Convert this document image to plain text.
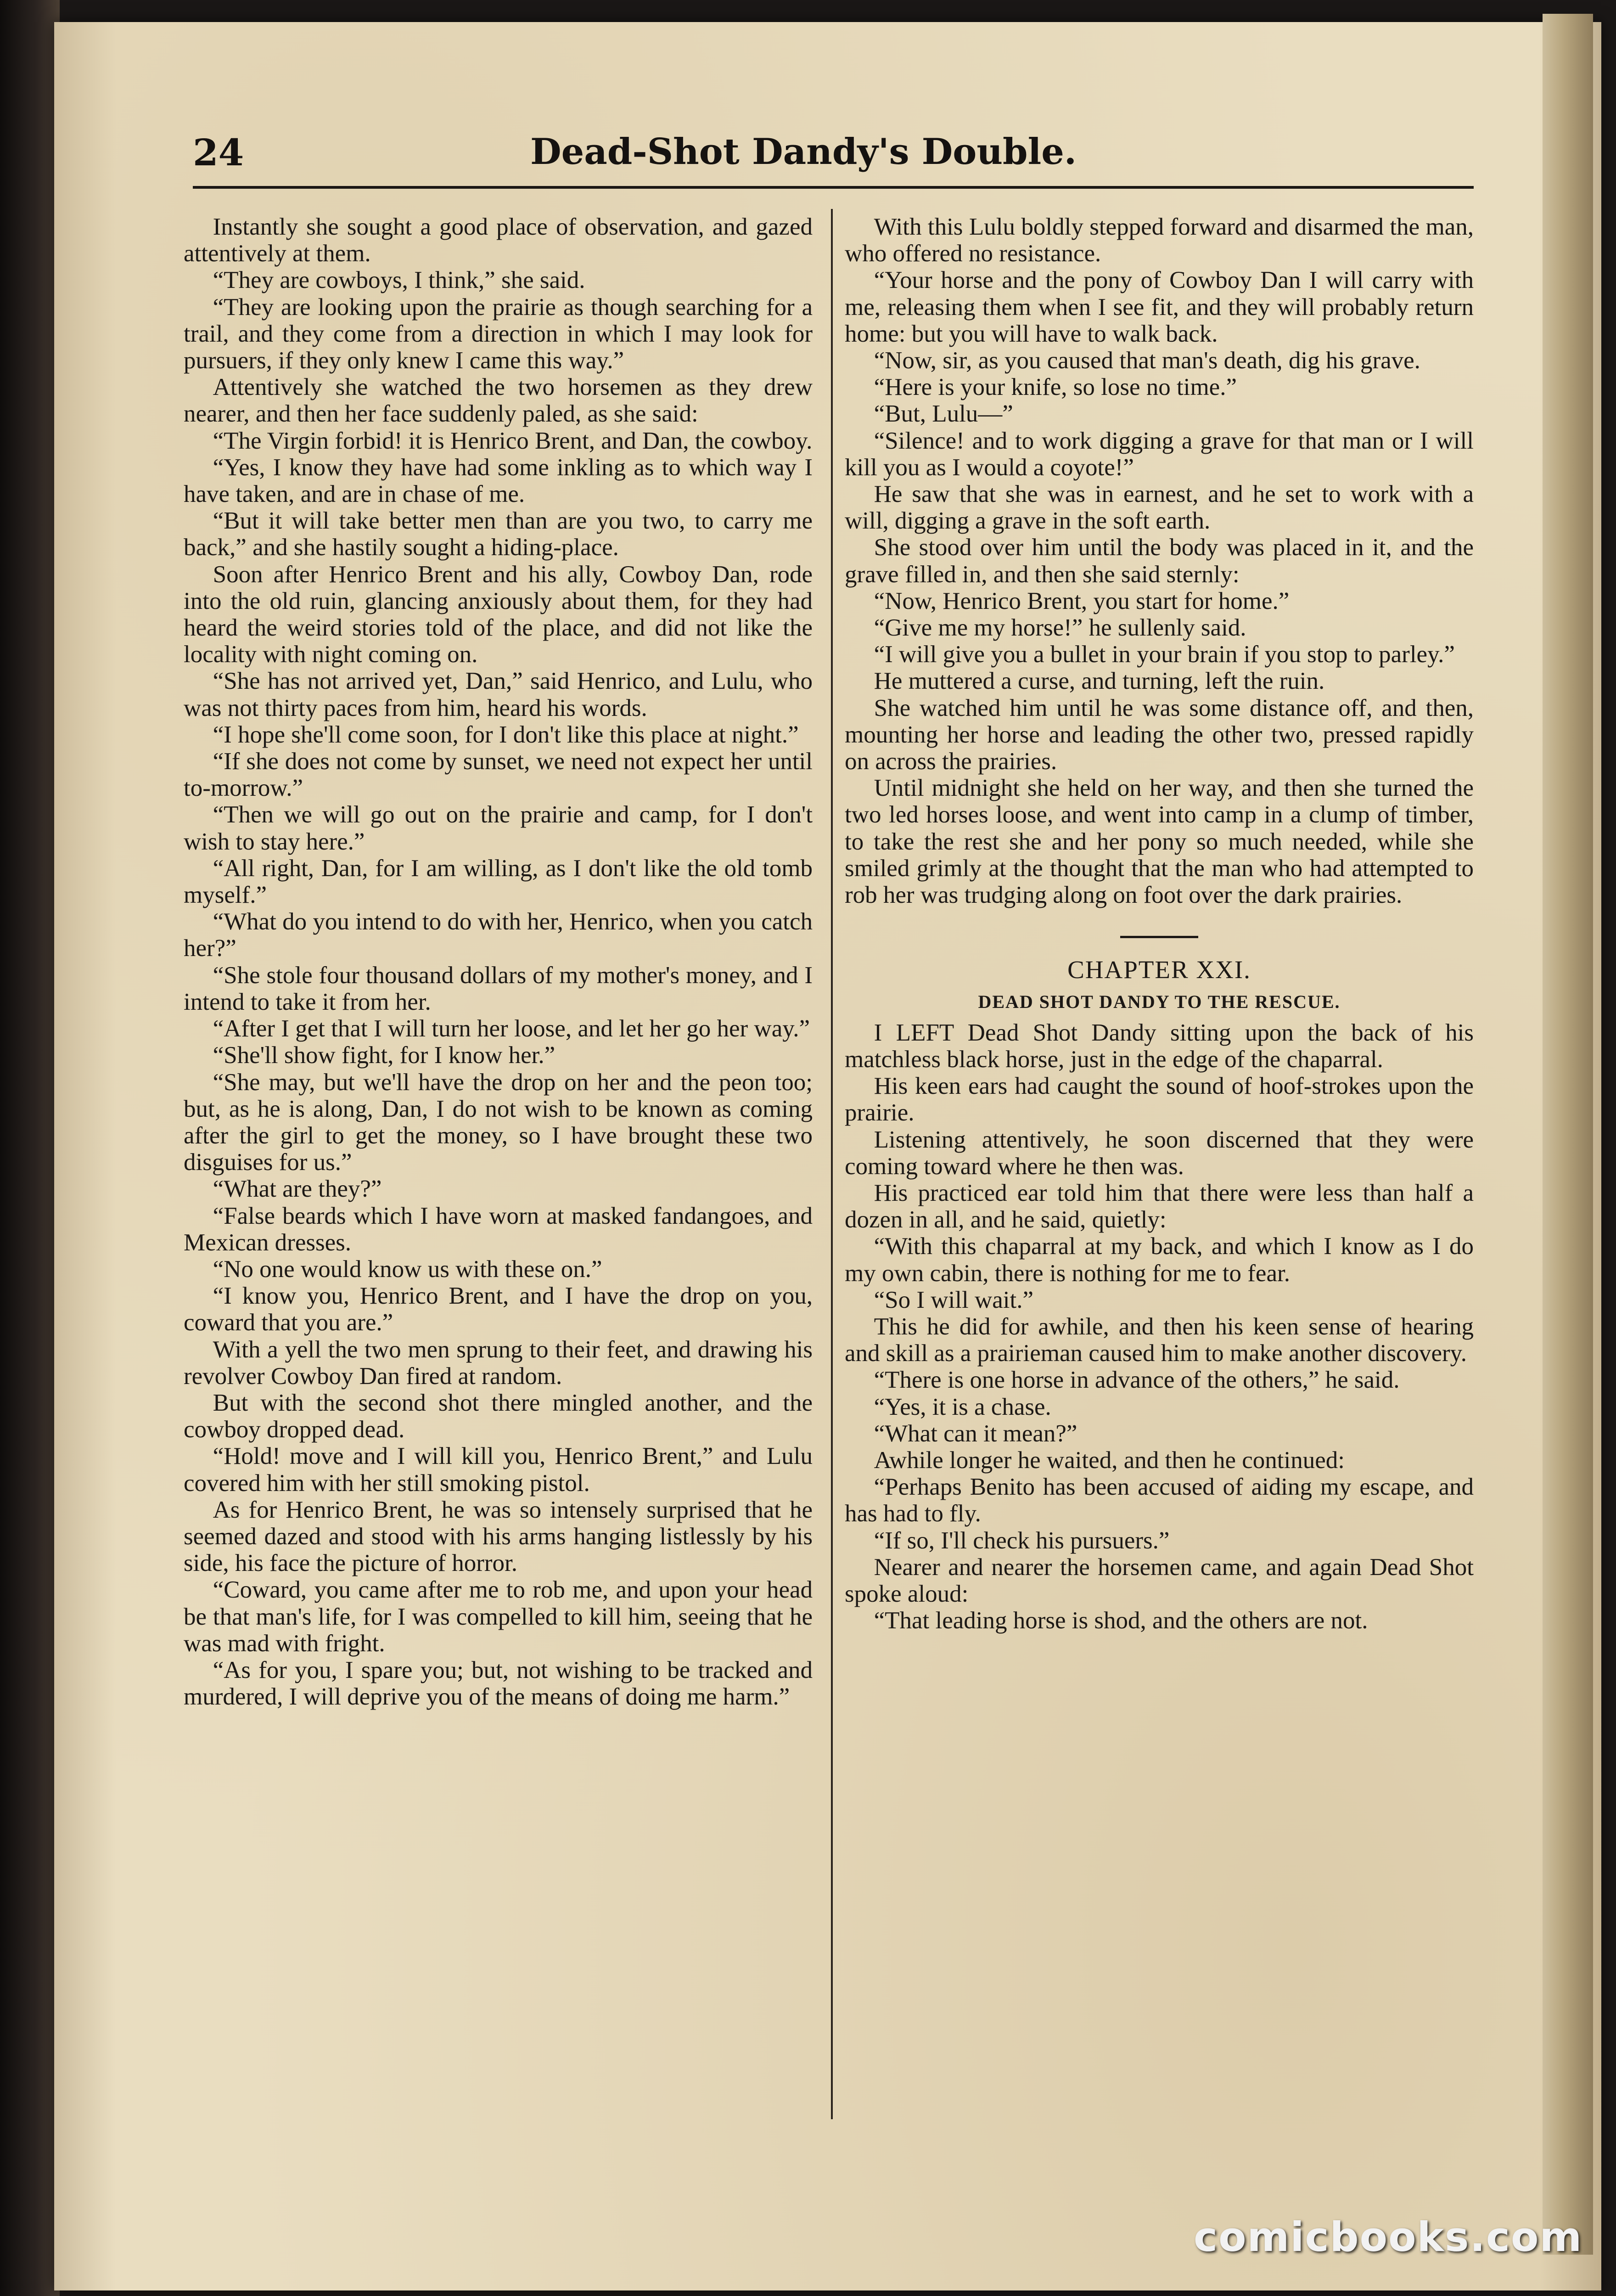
24	Dead-Shot Dandy's Double.

Instantly she sought a good place of observation, and gazed attentively at them.

“They are cowboys, I think,” she said.

“They are looking upon the prairie as though searching for a trail, and they come from a direction in which I may look for pursuers, if they only knew I came this way.”

Attentively she watched the two horsemen as they drew nearer, and then her face suddenly paled, as she said:

“The Virgin forbid! it is Henrico Brent, and Dan, the cowboy.

“Yes, I know they have had some inkling as to which way I have taken, and are in chase of me.

“But it will take better men than are you two, to carry me back,” and she hastily sought a hiding-place.

Soon after Henrico Brent and his ally, Cowboy Dan, rode into the old ruin, glancing anxiously about them, for they had heard the weird stories told of the place, and did not like the locality with night coming on.

“She has not arrived yet, Dan,” said Henrico, and Lulu, who was not thirty paces from him, heard his words.

“I hope she'll come soon, for I don't like this place at night.”

“If she does not come by sunset, we need not expect her until to-morrow.”

“Then we will go out on the prairie and camp, for I don't wish to stay here.”

“All right, Dan, for I am willing, as I don't like the old tomb myself.”

“What do you intend to do with her, Henrico, when you catch her?”

“She stole four thousand dollars of my mother's money, and I intend to take it from her.

“After I get that I will turn her loose, and let her go her way.”

“She'll show fight, for I know her.”

“She may, but we'll have the drop on her and the peon too; but, as he is along, Dan, I do not wish to be known as coming after the girl to get the money, so I have brought these two disguises for us.”

“What are they?”

“False beards which I have worn at masked fandangoes, and Mexican dresses.

“No one would know us with these on.”

“I know you, Henrico Brent, and I have the drop on you, coward that you are.”

With a yell the two men sprung to their feet, and drawing his revolver Cowboy Dan fired at random.

But with the second shot there mingled another, and the cowboy dropped dead.

“Hold! move and I will kill you, Henrico Brent,” and Lulu covered him with her still smoking pistol.

As for Henrico Brent, he was so intensely surprised that he seemed dazed and stood with his arms hanging listlessly by his side, his face the picture of horror.

“Coward, you came after me to rob me, and upon your head be that man's life, for I was compelled to kill him, seeing that he was mad with fright.

“As for you, I spare you; but, not wishing to be tracked and murdered, I will deprive you of the means of doing me harm.”

With this Lulu boldly stepped forward and disarmed the man, who offered no resistance.

“Your horse and the pony of Cowboy Dan I will carry with me, releasing them when I see fit, and they will probably return home: but you will have to walk back.

“Now, sir, as you caused that man's death, dig his grave.

“Here is your knife, so lose no time.”

“But, Lulu—”

“Silence! and to work digging a grave for that man or I will kill you as I would a coyote!”

He saw that she was in earnest, and he set to work with a will, digging a grave in the soft earth.

She stood over him until the body was placed in it, and the grave filled in, and then she said sternly:

“Now, Henrico Brent, you start for home.”

“Give me my horse!” he sullenly said.

“I will give you a bullet in your brain if you stop to parley.”

He muttered a curse, and turning, left the ruin.

She watched him until he was some distance off, and then, mounting her horse and leading the other two, pressed rapidly on across the prairies.

Until midnight she held on her way, and then she turned the two led horses loose, and went into camp in a clump of timber, to take the rest she and her pony so much needed, while she smiled grimly at the thought that the man who had attempted to rob her was trudging along on foot over the dark prairies.

CHAPTER XXI.
DEAD SHOT DANDY TO THE RESCUE.

I LEFT Dead Shot Dandy sitting upon the back of his matchless black horse, just in the edge of the chaparral.

His keen ears had caught the sound of hoof-strokes upon the prairie.

Listening attentively, he soon discerned that they were coming toward where he then was.

His practiced ear told him that there were less than half a dozen in all, and he said, quietly:

“With this chaparral at my back, and which I know as I do my own cabin, there is nothing for me to fear.

“So I will wait.”

This he did for awhile, and then his keen sense of hearing and skill as a prairieman caused him to make another discovery.

“There is one horse in advance of the others,” he said.

“Yes, it is a chase.

“What can it mean?”

Awhile longer he waited, and then he continued:

“Perhaps Benito has been accused of aiding my escape, and has had to fly.

“If so, I'll check his pursuers.”

Nearer and nearer the horsemen came, and again Dead Shot spoke aloud:

“That leading horse is shod, and the others are not.

comicbooks.com
